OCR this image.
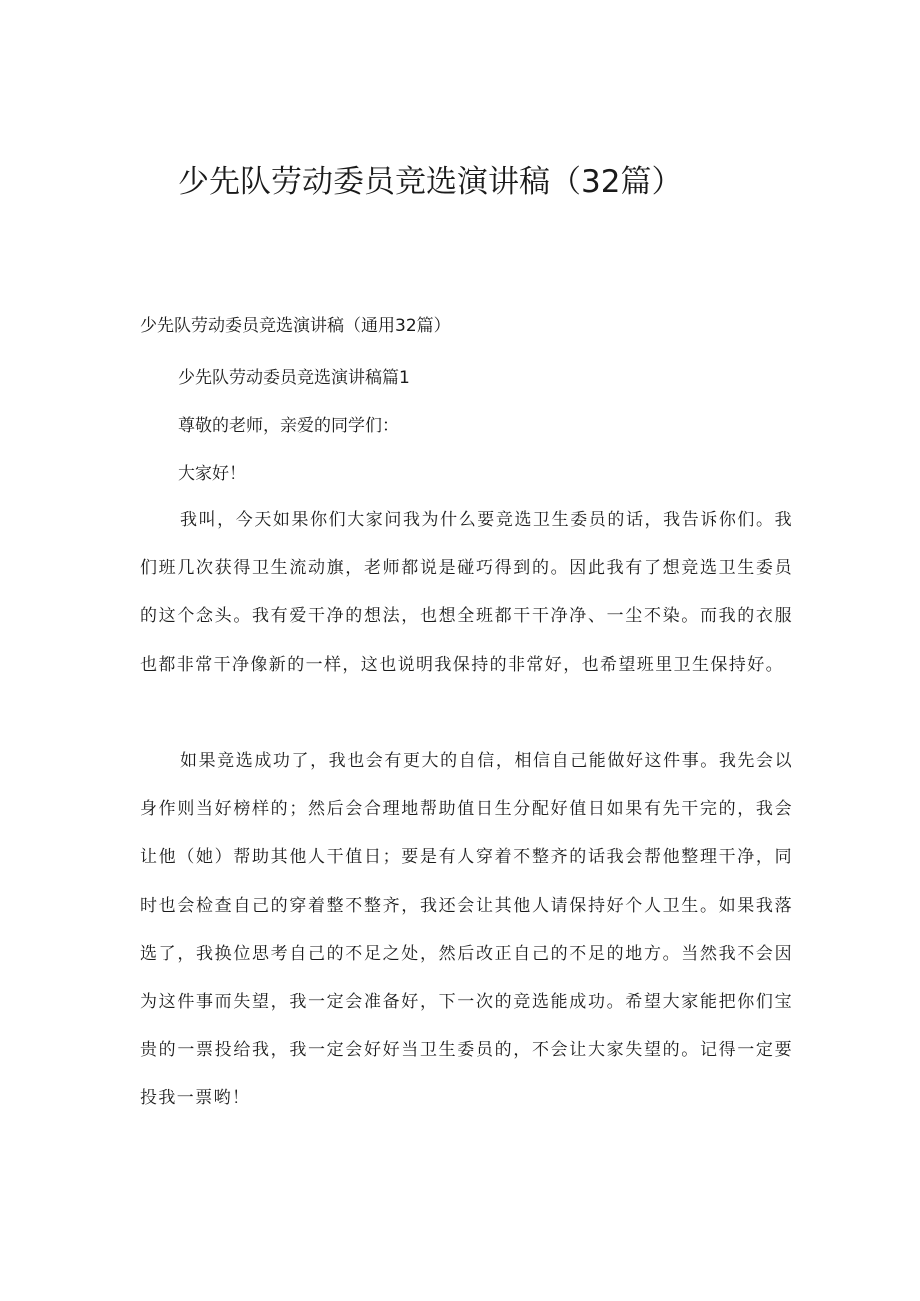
少先队劳动委员竞选演讲稿（32篇）
少先队劳动委员竞选演讲稿（通用32篇）
少先队劳动委员竞选演讲稿篇1
尊敬的老师，亲爱的同学们：
大家好！

我叫，今天如果你们大家问我为什么要竞选卫生委员的话，我告诉你们。我们班几次获得卫生流动旗，老师都说是碰巧得到的。因此我有了想竞选卫生委员的这个念头。我有爱干净的想法，也想全班都干干净净、一尘不染。而我的衣服也都非常干净像新的一样，这也说明我保持的非常好，也希望班里卫生保持好。

如果竞选成功了，我也会有更大的自信，相信自己能做好这件事。我先会以身作则当好榜样的；然后会合理地帮助值日生分配好值日如果有先干完的，我会让他（她）帮助其他人干值日；要是有人穿着不整齐的话我会帮他整理干净，同时也会检查自己的穿着整不整齐，我还会让其他人请保持好个人卫生。如果我落选了，我换位思考自己的不足之处，然后改正自己的不足的地方。当然我不会因为这件事而失望，我一定会准备好，下一次的竞选能成功。希望大家能把你们宝贵的一票投给我，我一定会好好当卫生委员的，不会让大家失望的。记得一定要投我一票哟！
